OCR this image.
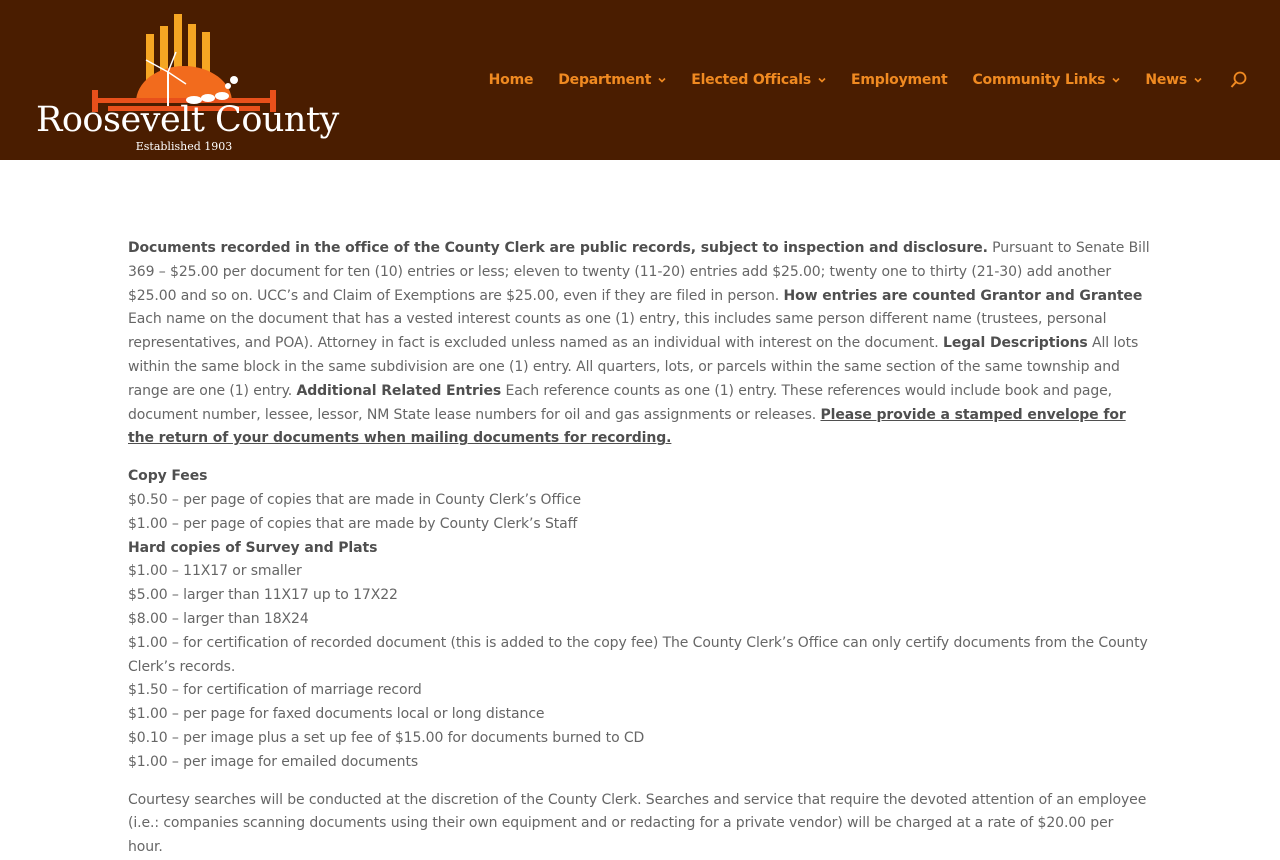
Roosevelt County
Established 1903
Home Department	Elected Officals	Employment Community Links	News

Documents recorded in the office of the County Clerk are public records, subject to inspection and disclosure. Pursuant to Senate Bill 369 – $25.00 per document for ten (10) entries or less; eleven to twenty (11-20) entries add $25.00; twenty one to thirty (21-30) add another $25.00 and so on. UCC’s and Claim of Exemptions are $25.00, even if they are filed in person. How entries are counted Grantor and Grantee Each name on the document that has a vested interest counts as one (1) entry, this includes same person different name (trustees, personal representatives, and POA). Attorney in fact is excluded unless named as an individual with interest on the document. Legal Descriptions All lots within the same block in the same subdivision are one (1) entry. All quarters, lots, or parcels within the same section of the same township and range are one (1) entry. Additional Related Entries Each reference counts as one (1) entry. These references would include book and page, document number, lessee, lessor, NM State lease numbers for oil and gas assignments or releases. Please provide a stamped envelope for the return of your documents when mailing documents for recording.

Copy Fees
$0.50 – per page of copies that are made in County Clerk’s Office
$1.00 – per page of copies that are made by County Clerk’s Staff
Hard copies of Survey and Plats
$1.00 – 11X17 or smaller
$5.00 – larger than 11X17 up to 17X22
$8.00 – larger than 18X24
$1.00 – for certification of recorded document (this is added to the copy fee) The County Clerk’s Office can only certify documents from the County Clerk’s records.
$1.50 – for certification of marriage record
$1.00 – per page for faxed documents local or long distance
$0.10 – per image plus a set up fee of $15.00 for documents burned to CD
$1.00 – per image for emailed documents

Courtesy searches will be conducted at the discretion of the County Clerk. Searches and service that require the devoted attention of an employee (i.e.: companies scanning documents using their own equipment and or redacting for a private vendor) will be charged at a rate of $20.00 per hour.
